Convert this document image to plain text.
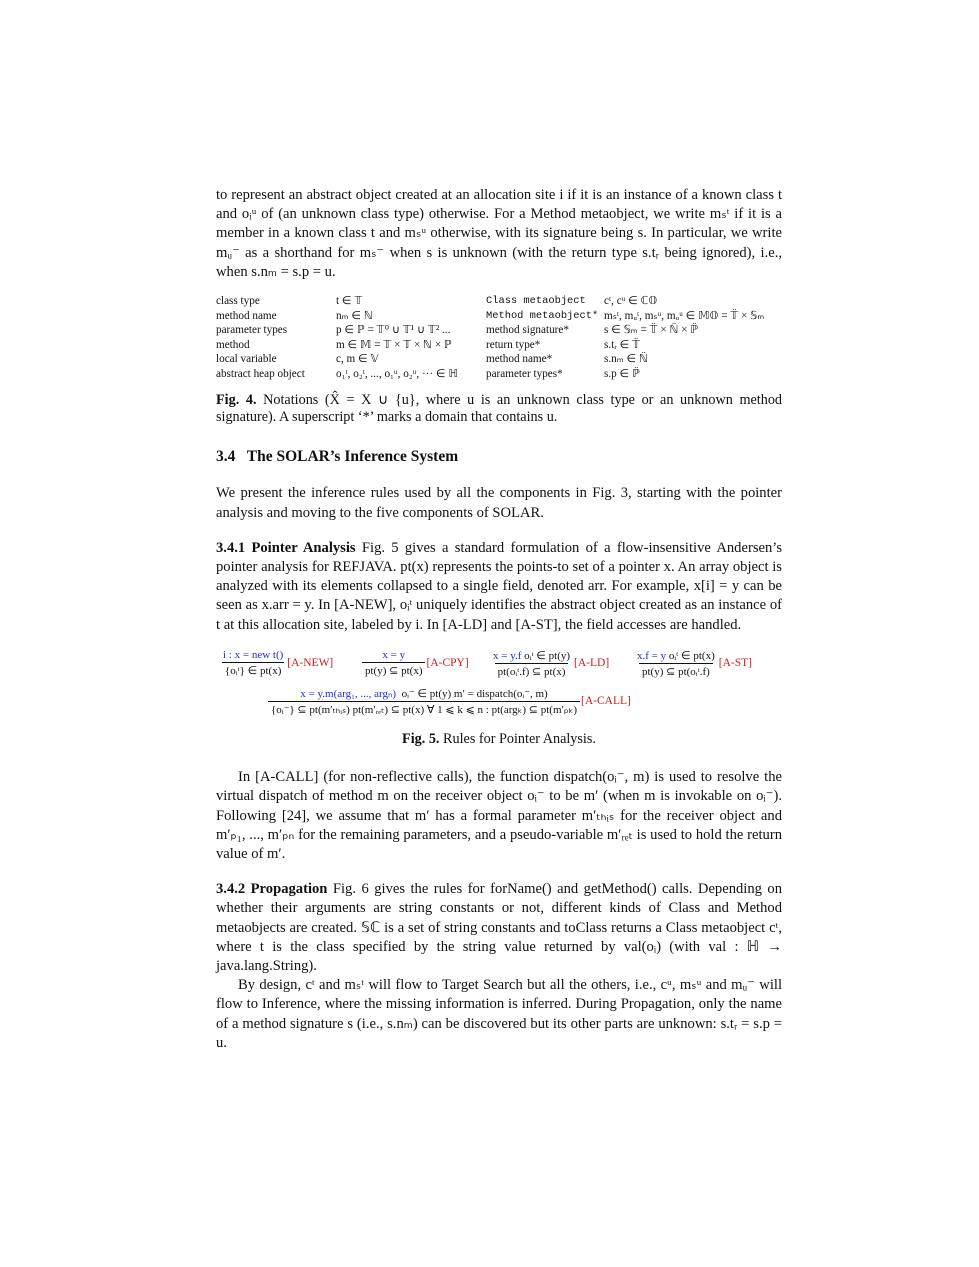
to represent an abstract object created at an allocation site i if it is an instance of a known class t and oᵢᵘ of (an unknown class type) otherwise. For a Method metaobject, we write mₛᵗ if it is a member in a known class t and mₛᵘ otherwise, with its signature being s. In particular, we write mᵤ⁻ as a shorthand for mₛ⁻ when s is unknown (with the return type s.tᵣ being ignored), i.e., when s.nₘ = s.p = u.

class type	t ∈ 𝕋	Class metaobject	cᵗ, cᵘ ∈ ℂ𝕆
method name	nₘ ∈ ℕ	Method metaobject* mₛᵗ, mᵤᵗ, mₛᵘ, mᵤᵘ ∈ 𝕄𝕆 = 𝕋̂ × 𝕊ₘ
parameter types	p ∈ ℙ = 𝕋⁰ ∪ 𝕋¹ ∪ 𝕋² ...	method signature*	s ∈ 𝕊ₘ = 𝕋̂ × ℕ̂ × ℙ̂
method	m ∈ 𝕄 = 𝕋 × 𝕋 × ℕ × ℙ	return type*	s.tᵣ ∈ 𝕋̂
local variable	c, m ∈ 𝕍	method name*	s.nₘ ∈ ℕ̂
abstract heap object	o₁ᵗ, o₂ᵗ, ..., o₁ᵘ, o₂ᵘ, ··· ∈ ℍ	parameter types*	s.p ∈ ℙ̂

Fig. 4. Notations (X̂ = X ∪ {u}, where u is an unknown class type or an unknown method signature). A superscript ‘*’ marks a domain that contains u.

3.4 The SOLAR’s Inference System

We present the inference rules used by all the components in Fig. 3, starting with the pointer analysis and moving to the five components of SOLAR.

3.4.1 Pointer Analysis Fig. 5 gives a standard formulation of a flow-insensitive Andersen’s pointer analysis for REFJAVA. pt(x) represents the points-to set of a pointer x. An array object is analyzed with its elements collapsed to a single field, denoted arr. For example, x[i] = y can be seen as x.arr = y. In [A-NEW], oᵢᵗ uniquely identifies the abstract object created as an instance of t at this allocation site, labeled by i. In [A-LD] and [A-ST], the field accesses are handled.

$\frac{\text{i : x = new t()}}{\text{\{oᵢᵗ\} ∈ pt(x)}} [A-NEW]$	$\frac{x = y}{pt(y) ⊆ pt(x)} [A-CPY] \frac{\text{x = y.f oᵢᵗ ∈ pt(y)}}{\text{pt(oᵢᵗ.f) ⊆ pt(x)}} [A-LD] \frac{\text{x.f = y oᵢᵗ ∈ pt(x)}}{\text{pt(y) ⊆ pt(oᵢᵗ.f)}} [A-ST]$
x = y.m(arg₁, ..., argₙ) oᵢ⁻ ∈ pt(y) m′ = dispatch(oᵢ⁻, m)
{oᵢ⁻} ⊆ pt(m′ₜₕᵢₛ) pt(m′ᵣₑₜ) ⊆ pt(x) ∀ 1 ⩽ k ⩽ n : pt(argₖ) ⊆ pt(m′ₚₖ)
[A-CALL]

Fig. 5. Rules for Pointer Analysis.

In [A-CALL] (for non-reflective calls), the function dispatch(oᵢ⁻, m) is used to resolve the virtual dispatch of method m on the receiver object oᵢ⁻ to be m′ (when m is invokable on oᵢ⁻). Following [24], we assume that m′ has a formal parameter m′ₜₕᵢₛ for the receiver object and m′ₚ₁, ..., m′ₚₙ for the remaining parameters, and a pseudo-variable m′ᵣₑₜ is used to hold the return value of m′.

3.4.2 Propagation Fig. 6 gives the rules for forName() and getMethod() calls. Depending on whether their arguments are string constants or not, different kinds of Class and Method metaobjects are created. 𝕊ℂ is a set of string constants and toClass returns a Class metaobject cᵗ, where t is the class specified by the string value returned by val(oᵢ) (with val : ℍ → java.lang.String).

By design, cᵗ and mₛᵗ will flow to Target Search but all the others, i.e., cᵘ, mₛᵘ and mᵤ⁻ will flow to Inference, where the missing information is inferred. During Propagation, only the name of a method signature s (i.e., s.nₘ) can be discovered but its other parts are unknown: s.tᵣ = s.p = u.
